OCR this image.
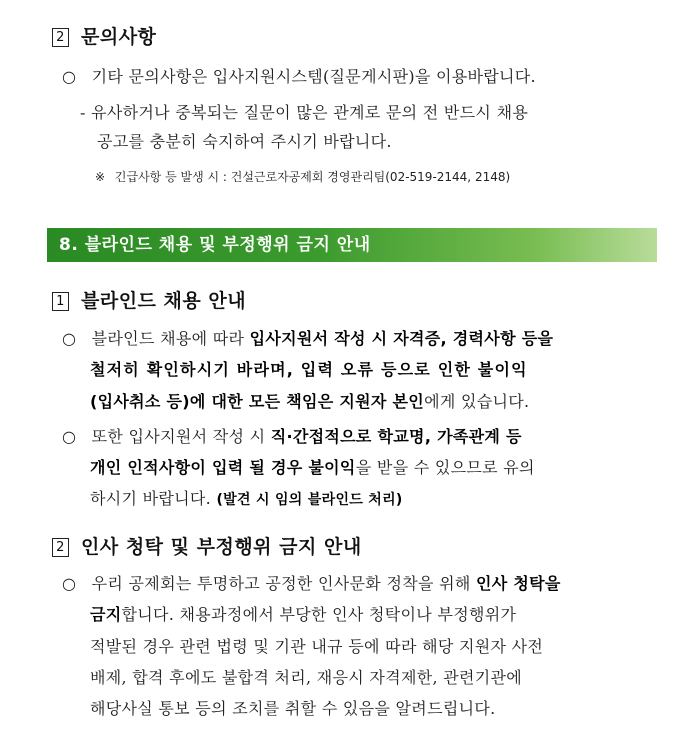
2 문의사항
○ 기타 문의사항은 입사지원시스템(질문게시판)을 이용바랍니다.
- 유사하거나 중복되는 질문이 많은 관계로 문의 전 반드시 채용
공고를 충분히 숙지하여 주시기 바랍니다.
※ 긴급사항 등 발생 시 : 건설근로자공제회 경영관리팀(02-519-2144, 2148)
8. 블라인드 채용 및 부정행위 금지 안내
1 블라인드 채용 안내
○ 블라인드 채용에 따라 입사지원서 작성 시 자격증, 경력사항 등을
철저히 확인하시기 바라며, 입력 오류 등으로 인한 불이익
(입사취소 등)에 대한 모든 책임은 지원자 본인에게 있습니다.
○ 또한 입사지원서 작성 시 직·간접적으로 학교명, 가족관계 등
개인 인적사항이 입력 될 경우 불이익을 받을 수 있으므로 유의
하시기 바랍니다. (발견 시 임의 블라인드 처리)
2 인사 청탁 및 부정행위 금지 안내
○ 우리 공제회는 투명하고 공정한 인사문화 정착을 위해 인사 청탁을
금지합니다. 채용과정에서 부당한 인사 청탁이나 부정행위가
적발된 경우 관련 법령 및 기관 내규 등에 따라 해당 지원자 사전
배제, 합격 후에도 불합격 처리, 재응시 자격제한, 관련기관에
해당사실 통보 등의 조치를 취할 수 있음을 알려드립니다.
